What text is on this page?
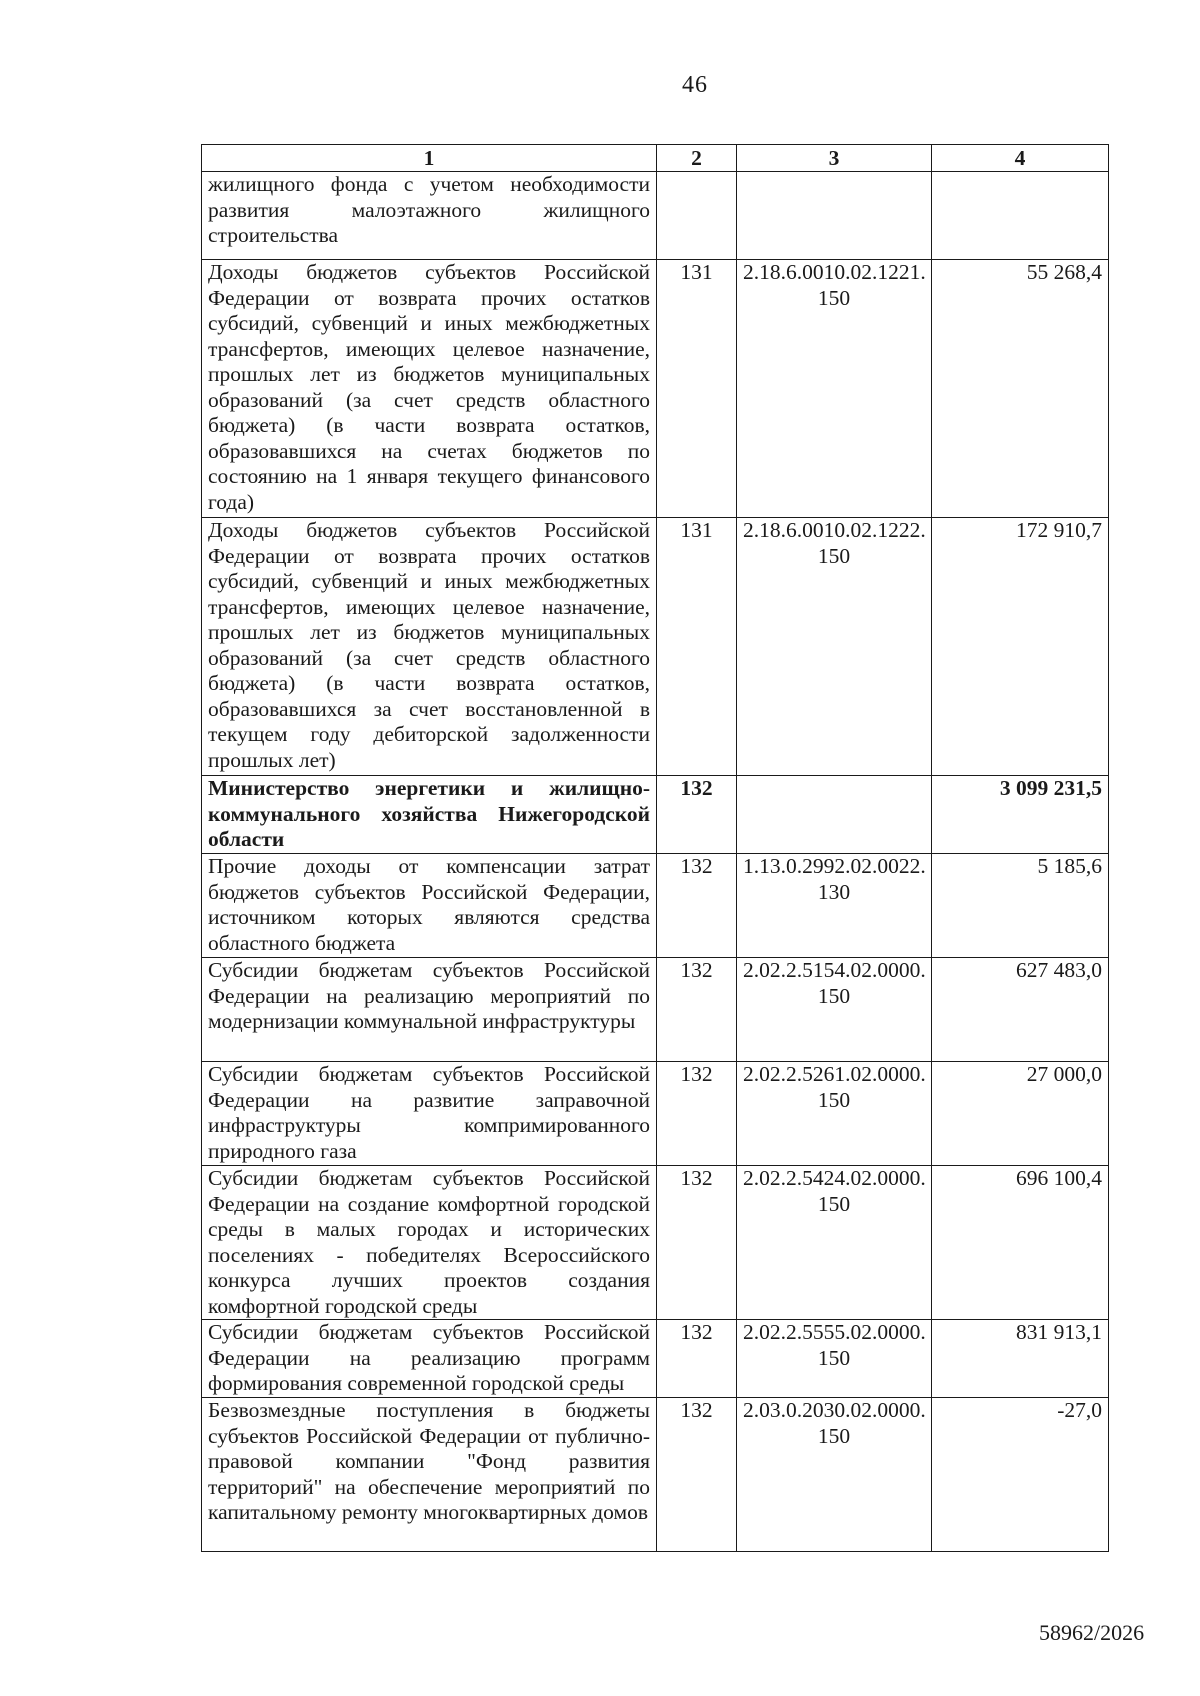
46
1	2	3	4
жилищного фонда с учетом необходимости развития малоэтажного жилищного строительства			
Доходы бюджетов субъектов Российской Федерации от возврата прочих остатков субсидий, субвенций и иных межбюджетных трансфертов, имеющих целевое назначение, прошлых лет из бюджетов муниципальных образований (за счет средств областного бюджета) (в части возврата остатков, образовавшихся на счетах бюджетов по состоянию на 1 января текущего финансового года)	131	2.18.6.0010.02.1221. 150	55 268,4
Доходы бюджетов субъектов Российской Федерации от возврата прочих остатков субсидий, субвенций и иных межбюджетных трансфертов, имеющих целевое назначение, прошлых лет из бюджетов муниципальных образований (за счет средств областного бюджета) (в части возврата остатков, образовавшихся за счет восстановленной в текущем году дебиторской задолженности прошлых лет)	131	2.18.6.0010.02.1222. 150	172 910,7
Министерство энергетики и жилищно-коммунального хозяйства Нижегородской области	132		3 099 231,5
Прочие доходы от компенсации затрат бюджетов субъектов Российской Федерации, источником которых являются средства областного бюджета	132	1.13.0.2992.02.0022. 130	5 185,6
Субсидии бюджетам субъектов Российской Федерации на реализацию мероприятий по модернизации коммунальной инфраструктуры	132	2.02.2.5154.02.0000. 150	627 483,0
Субсидии бюджетам субъектов Российской Федерации на развитие заправочной инфраструктуры компримированного природного газа	132	2.02.2.5261.02.0000. 150	27 000,0
Субсидии бюджетам субъектов Российской Федерации на создание комфортной городской среды в малых городах и исторических поселениях - победителях Всероссийского конкурса лучших проектов создания комфортной городской среды	132	2.02.2.5424.02.0000. 150	696 100,4
Субсидии бюджетам субъектов Российской Федерации на реализацию программ формирования современной городской среды	132	2.02.2.5555.02.0000. 150	831 913,1
Безвозмездные поступления в бюджеты субъектов Российской Федерации от публично-правовой компании "Фонд развития территорий" на обеспечение мероприятий по капитальному ремонту многоквартирных домов	132	2.03.0.2030.02.0000. 150	-27,0
58962/2026
